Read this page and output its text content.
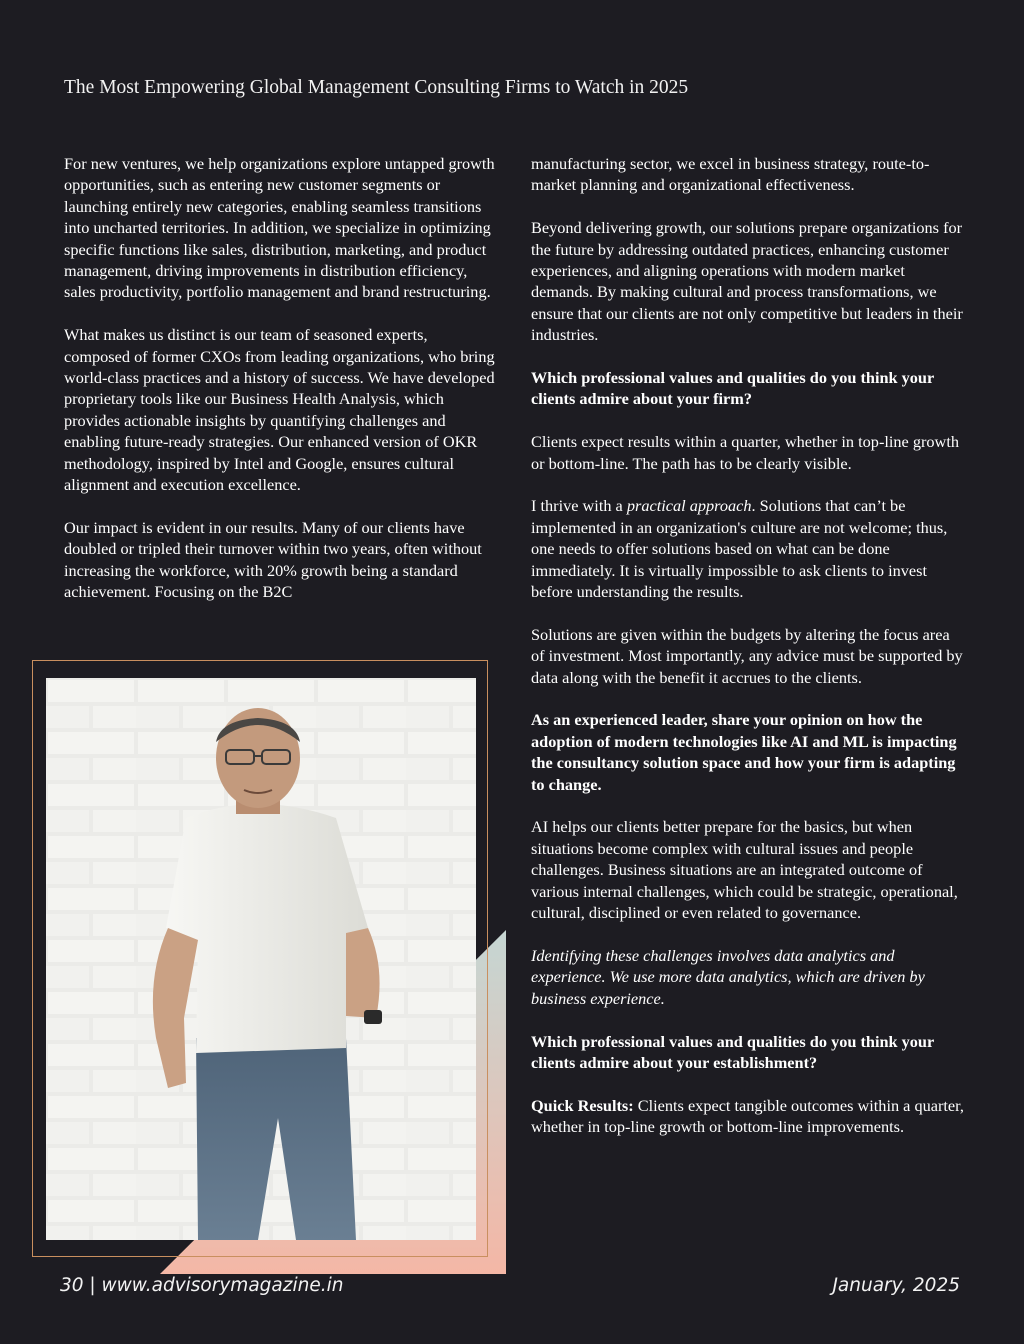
The Most Empowering Global Management Consulting Firms to Watch in 2025

For new ventures, we help organizations explore untapped growth opportunities, such as entering new customer segments or launching entirely new categories, enabling seamless transitions into uncharted territories. In addition, we specialize in optimizing specific functions like sales, distribution, marketing, and product management, driving improvements in distribution efficiency, sales productivity, portfolio management and brand restructuring.

What makes us distinct is our team of seasoned experts, composed of former CXOs from leading organizations, who bring world-class practices and a history of success. We have developed proprietary tools like our Business Health Analysis, which provides actionable insights by quantifying challenges and enabling future-ready strategies. Our enhanced version of OKR methodology, inspired by Intel and Google, ensures cultural alignment and execution excellence.

Our impact is evident in our results. Many of our clients have doubled or tripled their turnover within two years, often without increasing the workforce, with 20% growth being a standard achievement. Focusing on the B2C

manufacturing sector, we excel in business strategy, route-to-market planning and organizational effectiveness.

Beyond delivering growth, our solutions prepare organizations for the future by addressing outdated practices, enhancing customer experiences, and aligning operations with modern market demands. By making cultural and process transformations, we ensure that our clients are not only competitive but leaders in their industries.

Which professional values and qualities do you think your clients admire about your firm?

Clients expect results within a quarter, whether in top-line growth or bottom-line. The path has to be clearly visible.

I thrive with a practical approach. Solutions that can’t be implemented in an organization's culture are not welcome; thus, one needs to offer solutions based on what can be done immediately. It is virtually impossible to ask clients to invest before understanding the results.

Solutions are given within the budgets by altering the focus area of investment. Most importantly, any advice must be supported by data along with the benefit it accrues to the clients.

As an experienced leader, share your opinion on how the adoption of modern technologies like AI and ML is impacting the consultancy solution space and how your firm is adapting to change.

AI helps our clients better prepare for the basics, but when situations become complex with cultural issues and people challenges. Business situations are an integrated outcome of various internal challenges, which could be strategic, operational, cultural, disciplined or even related to governance.

Identifying these challenges involves data analytics and experience. We use more data analytics, which are driven by business experience.

Which professional values and qualities do you think your clients admire about your establishment?

Quick Results: Clients expect tangible outcomes within a quarter, whether in top-line growth or bottom-line improvements.

30 | www.advisorymagazine.in	January, 2025
